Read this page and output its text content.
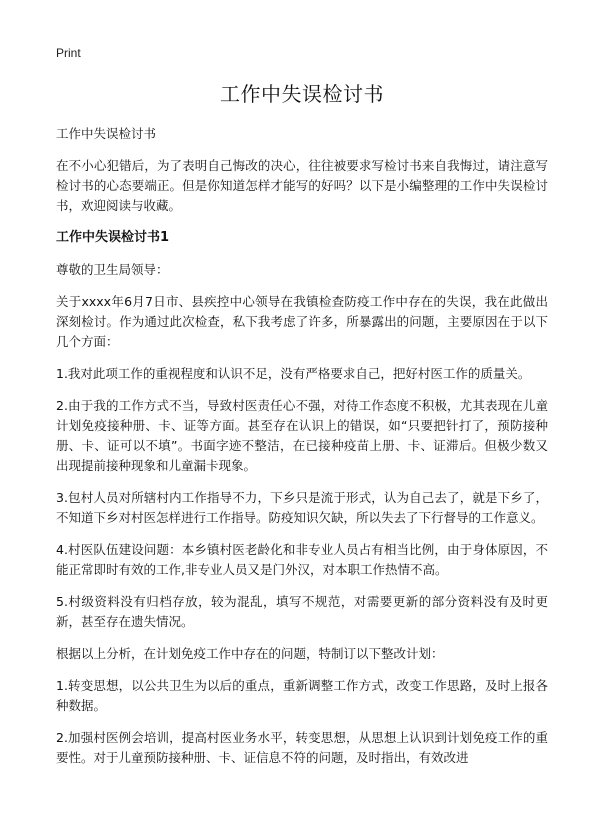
Print
工作中失误检讨书

工作中失误检讨书

在不小心犯错后，为了表明自己悔改的决心，往往被要求写检讨书来自我悔过，请注意写检讨书的心态要端正。但是你知道怎样才能写的好吗？以下是小编整理的工作中失误检讨书，欢迎阅读与收藏。

工作中失误检讨书1

尊敬的卫生局领导：

关于xxxx年6月7日市、县疾控中心领导在我镇检查防疫工作中存在的失误，我在此做出深刻检讨。作为通过此次检查，私下我考虑了许多，所暴露出的问题，主要原因在于以下几个方面：

1.我对此项工作的重视程度和认识不足，没有严格要求自己，把好村医工作的质量关。

2.由于我的工作方式不当，导致村医责任心不强，对待工作态度不积极，尤其表现在儿童计划免疫接种册、卡、证等方面。甚至存在认识上的错误，如“只要把针打了，预防接种册、卡、证可以不填”。书面字迹不整洁，在已接种疫苗上册、卡、证滞后。但极少数又出现提前接种现象和儿童漏卡现象。

3.包村人员对所辖村内工作指导不力，下乡只是流于形式，认为自己去了，就是下乡了，不知道下乡对村医怎样进行工作指导。防疫知识欠缺，所以失去了下行督导的工作意义。

4.村医队伍建设问题：本乡镇村医老龄化和非专业人员占有相当比例，由于身体原因，不能正常即时有效的工作,非专业人员又是门外汉，对本职工作热情不高。

5.村级资料没有归档存放，较为混乱，填写不规范，对需要更新的部分资料没有及时更新，甚至存在遗失情况。

根据以上分析，在计划免疫工作中存在的问题，特制订以下整改计划：

1.转变思想，以公共卫生为以后的重点，重新调整工作方式，改变工作思路，及时上报各种数据。

2.加强村医例会培训，提高村医业务水平，转变思想，从思想上认识到计划免疫工作的重要性。对于儿童预防接种册、卡、证信息不符的问题，及时指出，有效改进
